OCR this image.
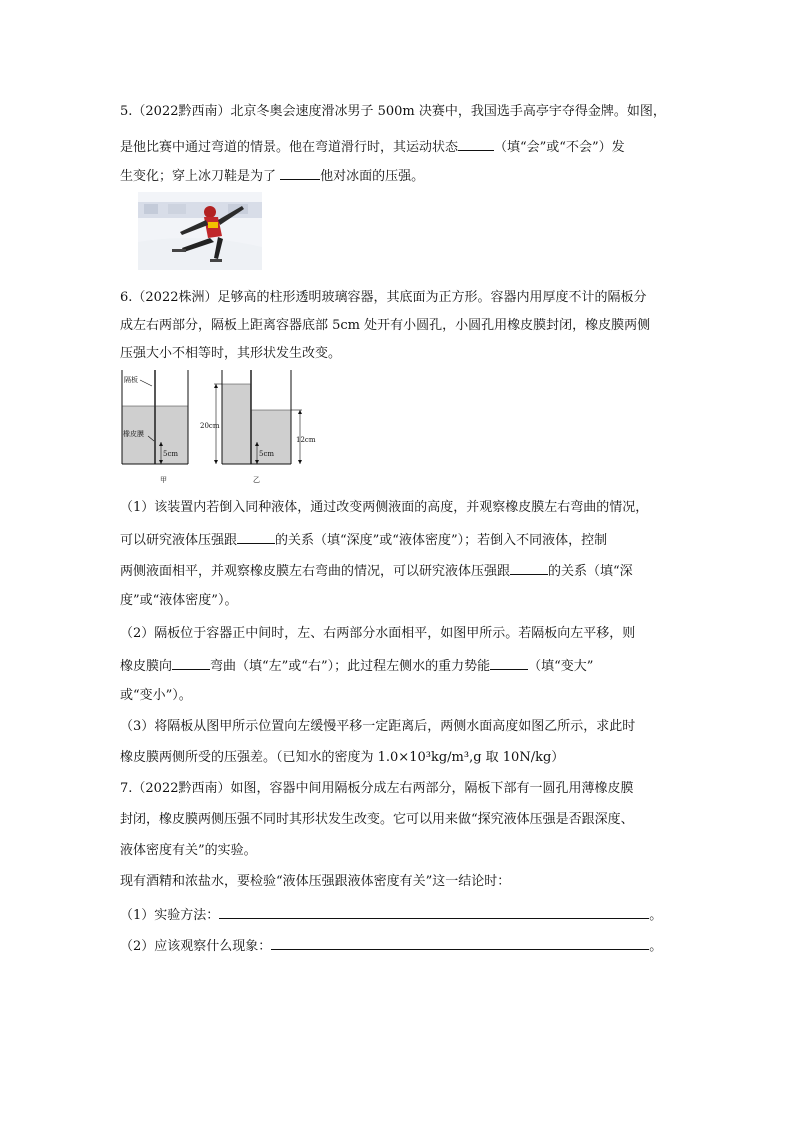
5.（2022黔西南）北京冬奥会速度滑冰男子 500m 决赛中，我国选手高亭宇夺得金牌。如图，
是他比赛中通过弯道的情景。他在弯道滑行时，其运动状态	（填“会”或“不会”）发
生变化；穿上冰刀鞋是为了	他对冰面的压强。
6.（2022株洲）足够高的柱形透明玻璃容器，其底面为正方形。容器内用厚度不计的隔板分
成左右两部分，隔板上距离容器底部 5cm 处开有小圆孔，小圆孔用橡皮膜封闭，橡皮膜两侧
压强大小不相等时，其形状发生改变。
隔板
橡皮膜
5cm
甲
20cm
12cm
5cm
乙
（1）该装置内若倒入同种液体，通过改变两侧液面的高度，并观察橡皮膜左右弯曲的情况，
可以研究液体压强跟	的关系（填“深度”或“液体密度”）；若倒入不同液体，控制
两侧液面相平，并观察橡皮膜左右弯曲的情况，可以研究液体压强跟	的关系（填“深
度”或“液体密度”）。
（2）隔板位于容器正中间时，左、右两部分水面相平，如图甲所示。若隔板向左平移，则
橡皮膜向	弯曲（填“左”或“右”）；此过程左侧水的重力势能	（填“变大”
或“变小”）。
（3）将隔板从图甲所示位置向左缓慢平移一定距离后，两侧水面高度如图乙所示，求此时
橡皮膜两侧所受的压强差。（已知水的密度为 1.0×10³kg/m³,g 取 10N/kg）
7.（2022黔西南）如图，容器中间用隔板分成左右两部分，隔板下部有一圆孔用薄橡皮膜
封闭，橡皮膜两侧压强不同时其形状发生改变。它可以用来做“探究液体压强是否跟深度、
液体密度有关”的实验。
现有酒精和浓盐水，要检验“液体压强跟液体密度有关”这一结论时：
（1）实验方法：	。
（2）应该观察什么现象：	。
